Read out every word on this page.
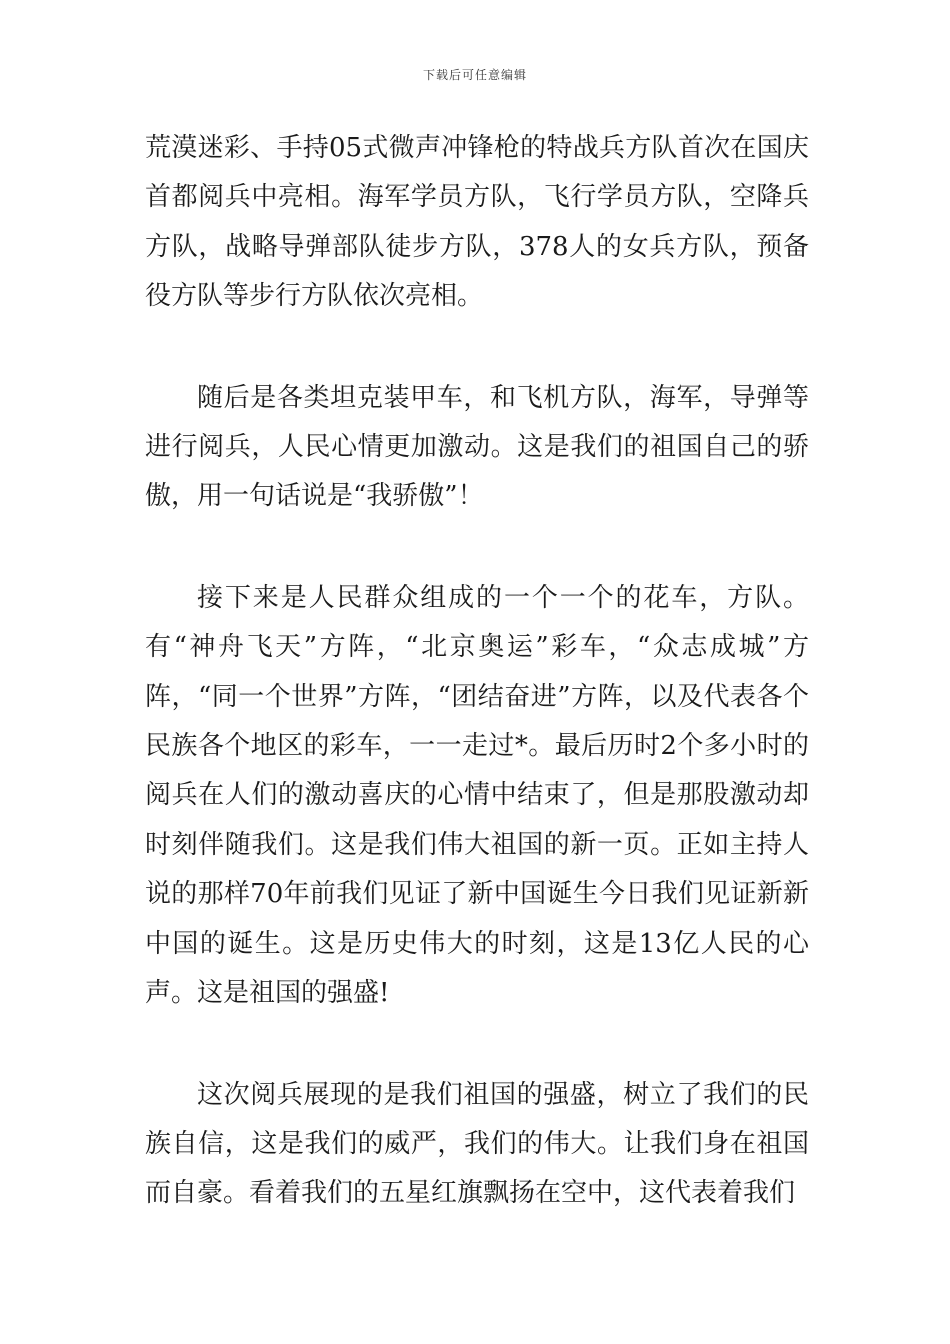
下载后可任意编辑

荒漠迷彩、手持05式微声冲锋枪的特战兵方队首次在国庆首都阅兵中亮相。海军学员方队，飞行学员方队，空降兵方队，战略导弹部队徒步方队，378人的女兵方队，预备役方队等步行方队依次亮相。

随后是各类坦克装甲车，和飞机方队，海军，导弹等进行阅兵，人民心情更加激动。这是我们的祖国自己的骄傲，用一句话说是“我骄傲”！

接下来是人民群众组成的一个一个的花车，方队。有“神舟飞天”方阵，“北京奥运”彩车，“众志成城”方阵，“同一个世界”方阵，“团结奋进”方阵，以及代表各个民族各个地区的彩车，一一走过*。最后历时2个多小时的阅兵在人们的激动喜庆的心情中结束了，但是那股激动却时刻伴随我们。这是我们伟大祖国的新一页。正如主持人说的那样70年前我们见证了新中国诞生今日我们见证新新中国的诞生。这是历史伟大的时刻，这是13亿人民的心声。这是祖国的强盛!

这次阅兵展现的是我们祖国的强盛，树立了我们的民族自信，这是我们的威严，我们的伟大。让我们身在祖国而自豪。看着我们的五星红旗飘扬在空中，这代表着我们
